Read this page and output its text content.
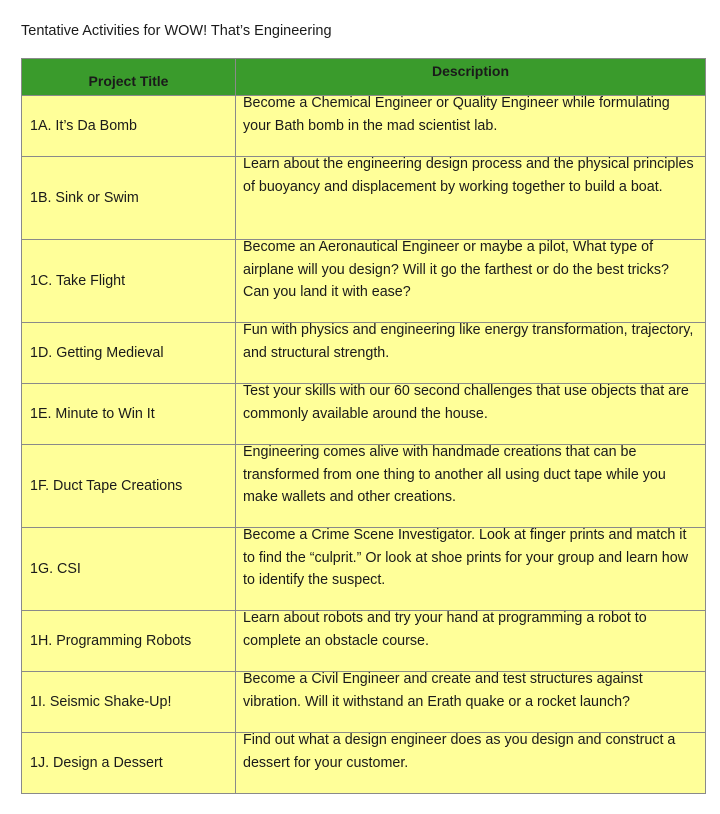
Tentative Activities for WOW! That’s Engineering
Project Title	Description
1A. It’s Da Bomb	Become a Chemical Engineer or Quality Engineer while formulating your Bath bomb in the mad scientist lab.

1B. Sink or Swim	Learn about the engineering design process and the physical principles of buoyancy and displacement by working together to build a boat.

1C. Take Flight	Become an Aeronautical Engineer or maybe a pilot, What type of airplane will you design? Will it go the farthest or do the best tricks? Can you land it with ease?

1D. Getting Medieval	Fun with physics and engineering like energy transformation, trajectory, and structural strength.

1E. Minute to Win It	Test your skills with our 60 second challenges that use objects that are commonly available around the house.

1F. Duct Tape Creations	Engineering comes alive with handmade creations that can be transformed from one thing to another all using duct tape while you make wallets and other creations.

1G. CSI	Become a Crime Scene Investigator. Look at finger prints and match it to find the “culprit.” Or look at shoe prints for your group and learn how to identify the suspect.

1H. Programming Robots	Learn about robots and try your hand at programming a robot to complete an obstacle course.

1I. Seismic Shake-Up!	Become a Civil Engineer and create and test structures against vibration. Will it withstand an Erath quake or a rocket launch?

1J. Design a Dessert	Find out what a design engineer does as you design and construct a dessert for your customer.
